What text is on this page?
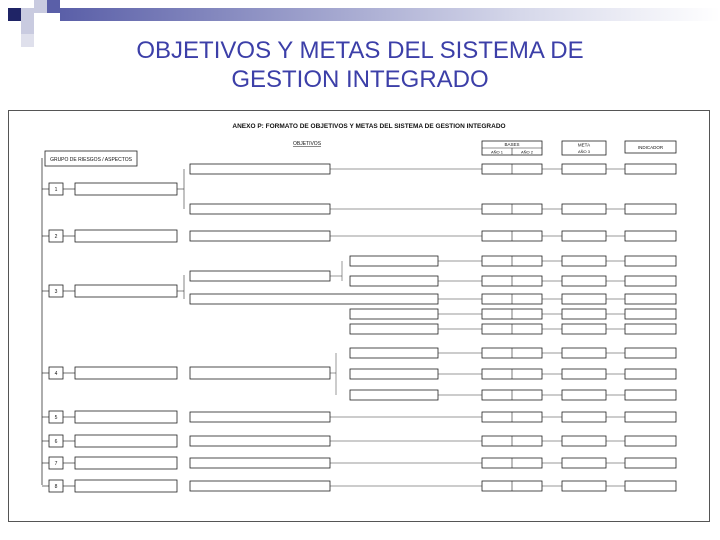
OBJETIVOS Y METAS DEL SISTEMA DE
GESTION INTEGRADO
ANEXO P: FORMATO DE OBJETIVOS Y METAS DEL SISTEMA DE GESTION INTEGRADO
GRUPO DE RIESGOS / ASPECTOS
OBJETIVOS	BASES
AÑO 1	AÑO 2
META
AÑO 3
INDICADOR
1
2
3
4
5
6
7
8
